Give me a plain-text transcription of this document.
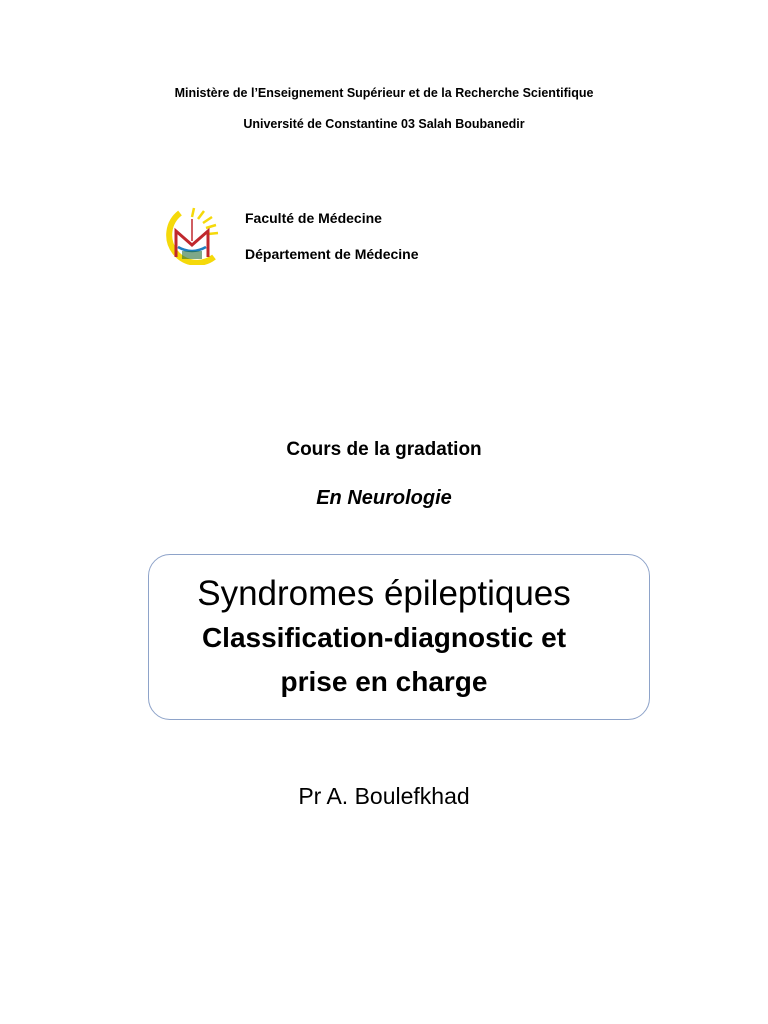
Ministère de l’Enseignement Supérieur et de la Recherche Scientifique
Université de Constantine 03 Salah Boubanedir
Faculté de Médecine
Département de Médecine
Cours de la gradation
En Neurologie
Syndromes épileptiques
Classification-diagnostic et
prise en charge
Pr A. Boulefkhad
